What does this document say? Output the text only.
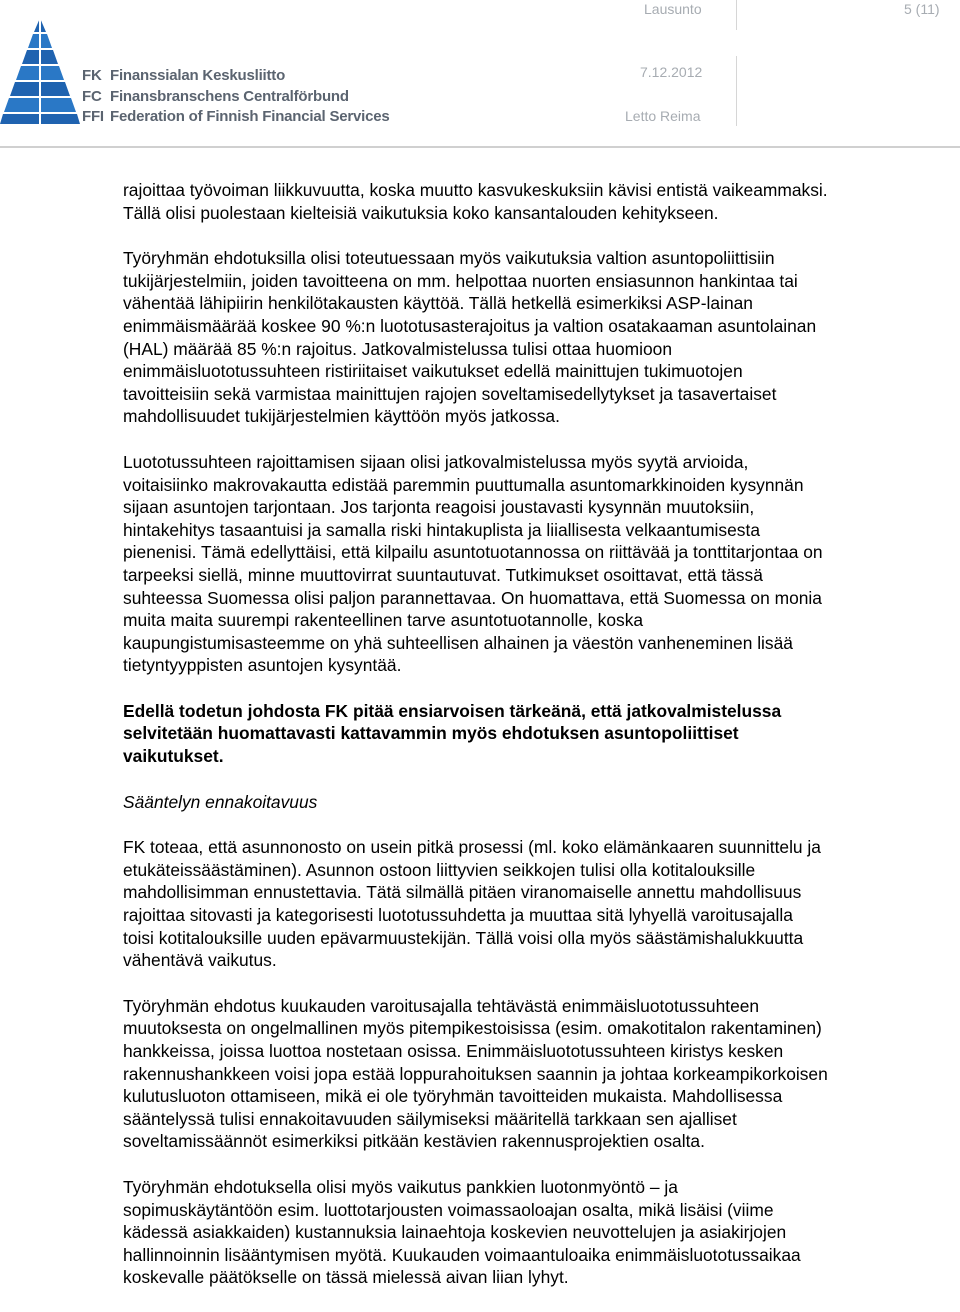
FK Finanssialan Keskusliitto
FC Finansbranschens Centralförbund
FFI Federation of Finnish Financial Services
Lausunto	5 (11)
7.12.2012
Letto Reima

rajoittaa työvoiman liikkuvuutta, koska muutto kasvukeskuksiin kävisi entistä vaikeammaksi.
Tällä olisi puolestaan kielteisiä vaikutuksia koko kansantalouden kehitykseen.

Työryhmän ehdotuksilla olisi toteutuessaan myös vaikutuksia valtion asuntopoliittisiin
tukijärjestelmiin, joiden tavoitteena on mm. helpottaa nuorten ensiasunnon hankintaa tai
vähentää lähipiirin henkilötakausten käyttöä. Tällä hetkellä esimerkiksi ASP-lainan
enimmäismäärää koskee 90 %:n luototusasterajoitus ja valtion osatakaaman asuntolainan
(HAL) määrää 85 %:n rajoitus. Jatkovalmistelussa tulisi ottaa huomioon
enimmäisluototussuhteen ristiriitaiset vaikutukset edellä mainittujen tukimuotojen
tavoitteisiin sekä varmistaa mainittujen rajojen soveltamisedellytykset ja tasavertaiset
mahdollisuudet tukijärjestelmien käyttöön myös jatkossa.

Luototussuhteen rajoittamisen sijaan olisi jatkovalmistelussa myös syytä arvioida,
voitaisiinko makrovakautta edistää paremmin puuttumalla asuntomarkkinoiden kysynnän
sijaan asuntojen tarjontaan. Jos tarjonta reagoisi joustavasti kysynnän muutoksiin,
hintakehitys tasaantuisi ja samalla riski hintakuplista ja liiallisesta velkaantumisesta
pienenisi. Tämä edellyttäisi, että kilpailu asuntotuotannossa on riittävää ja tonttitarjontaa on
tarpeeksi siellä, minne muuttovirrat suuntautuvat. Tutkimukset osoittavat, että tässä
suhteessa Suomessa olisi paljon parannettavaa. On huomattava, että Suomessa on monia
muita maita suurempi rakenteellinen tarve asuntotuotannolle, koska
kaupungistumisasteemme on yhä suhteellisen alhainen ja väestön vanheneminen lisää
tietyntyyppisten asuntojen kysyntää.

Edellä todetun johdosta FK pitää ensiarvoisen tärkeänä, että jatkovalmistelussa
selvitetään huomattavasti kattavammin myös ehdotuksen asuntopoliittiset
vaikutukset.

Sääntelyn ennakoitavuus

FK toteaa, että asunnonosto on usein pitkä prosessi (ml. koko elämänkaaren suunnittelu ja
etukäteissäästäminen). Asunnon ostoon liittyvien seikkojen tulisi olla kotitalouksille
mahdollisimman ennustettavia. Tätä silmällä pitäen viranomaiselle annettu mahdollisuus
rajoittaa sitovasti ja kategorisesti luototussuhdetta ja muuttaa sitä lyhyellä varoitusajalla
toisi kotitalouksille uuden epävarmuustekijän. Tällä voisi olla myös säästämishalukkuutta
vähentävä vaikutus.

Työryhmän ehdotus kuukauden varoitusajalla tehtävästä enimmäisluototussuhteen
muutoksesta on ongelmallinen myös pitempikestoisissa (esim. omakotitalon rakentaminen)
hankkeissa, joissa luottoa nostetaan osissa. Enimmäisluototussuhteen kiristys kesken
rakennushankkeen voisi jopa estää loppurahoituksen saannin ja johtaa korkeampikorkoisen
kulutusluoton ottamiseen, mikä ei ole työryhmän tavoitteiden mukaista. Mahdollisessa
sääntelyssä tulisi ennakoitavuuden säilymiseksi määritellä tarkkaan sen ajalliset
soveltamissäännöt esimerkiksi pitkään kestävien rakennusprojektien osalta.

Työryhmän ehdotuksella olisi myös vaikutus pankkien luotonmyöntö – ja
sopimuskäytäntöön esim. luottotarjousten voimassaoloajan osalta, mikä lisäisi (viime
kädessä asiakkaiden) kustannuksia lainaehtoja koskevien neuvottelujen ja asiakirjojen
hallinnoinnin lisääntymisen myötä. Kuukauden voimaantuloaika enimmäisluototussaikaa
koskevalle päätökselle on tässä mielessä aivan liian lyhyt.
